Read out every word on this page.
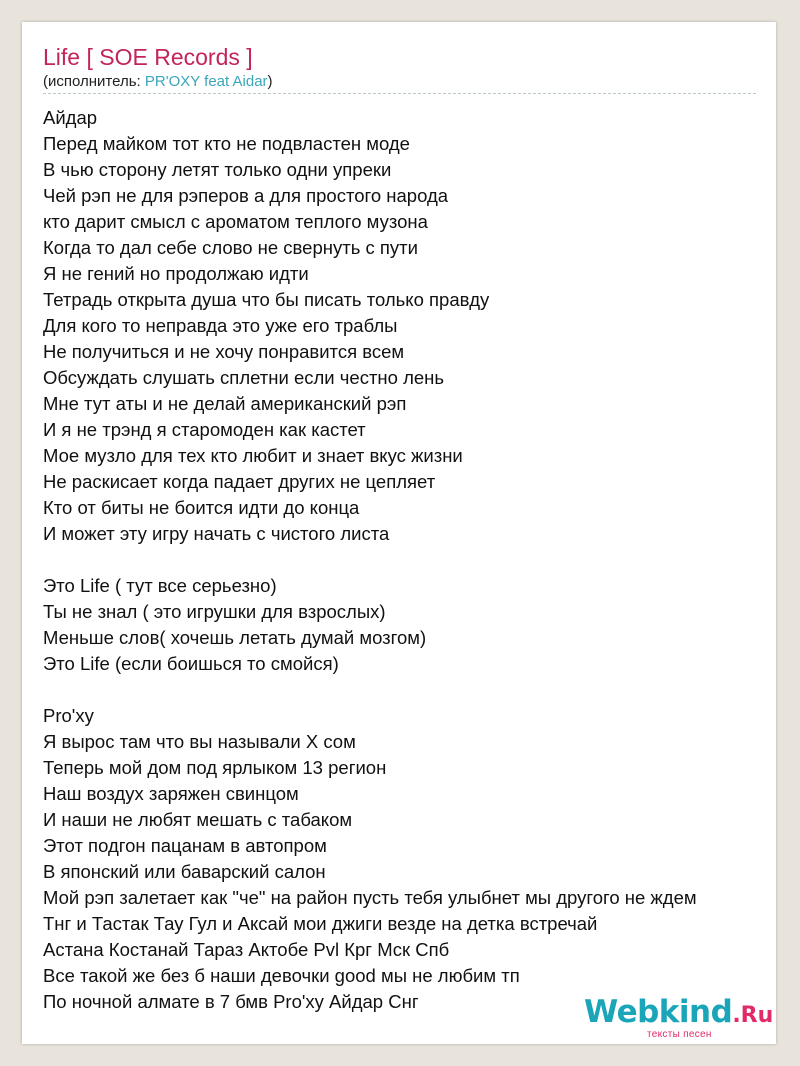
Life [ SOE Records ]
(исполнитель: PR'OXY feat Aidar)
Айдар
Перед майком тот кто не подвластен моде
В чью сторону летят только одни упреки
Чей рэп не для рэперов а для простого народа
кто дарит смысл с ароматом теплого музона
Когда то дал себе слово не свернуть с пути
Я не гений но продолжаю идти
Тетрадь открыта душа что бы писать только правду
Для кого то неправда это уже его траблы
Не получиться и не хочу понравится всем
Обсуждать слушать сплетни если честно лень
Мне тут аты и не делай американский рэп
И я не трэнд я старомоден как кастет
Мое музло для тех кто любит и знает вкус жизни
Не раскисает когда падает других не цепляет
Кто от биты не боится идти до конца
И может эту игру начать с чистого листа
Это Life ( тут все серьезно)
Ты не знал ( это игрушки для взрослых)
Меньше слов( хочешь летать думай мозгом)
Это Life (если боишься то смойся)
Pro'xy
Я вырос там что вы называли Х сом
Теперь мой дом под ярлыком 13 регион
Наш воздух заряжен свинцом
И наши не любят мешать с табаком
Этот подгон пацанам в автопром
В японский или баварский салон
Мой рэп залетает как "че" на район пусть тебя улыбнет мы другого не ждем
Тнг и Тастак Тау Гул и Аксай мои джиги везде на детка встречай
Астана Костанай Тараз Актобе Pvl Крг Мск Спб
Все такой же без б наши девочки good мы не любим тп
По ночной алмате в 7 бмв Pro'xy Айдар Снг	Webkind.Ru
тексты песен
